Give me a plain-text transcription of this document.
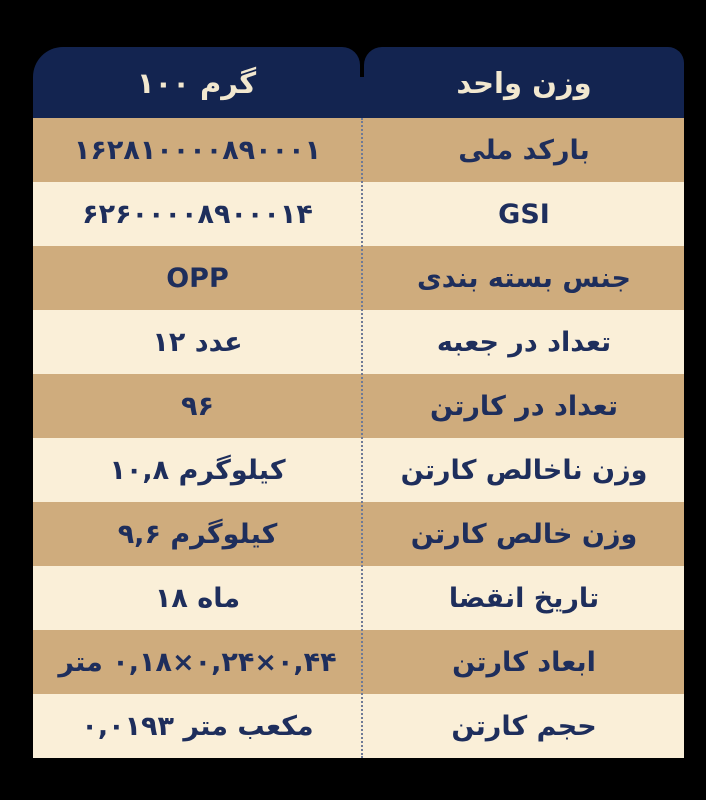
۱۰۰ گرم	وزن واحد
۱۶۲۸۱۰۰۰۰۸۹۰۰۰۱	بارکد ملی
۶۲۶۰۰۰۰۸۹۰۰۰۱۴	GSI
OPP	جنس بسته بندی
۱۲ عدد	تعداد در جعبه
۹۶	تعداد در کارتن
۱۰,۸ کیلوگرم	وزن ناخالص کارتن
۹,۶ کیلوگرم	وزن خالص کارتن
۱۸ ماه	تاریخ انقضا
متر‎ ۰,۱۸×۰,۲۴×۰,۴۴	ابعاد کارتن
۰,۰۱۹۳ متر‎ مکعب	حجم کارتن
